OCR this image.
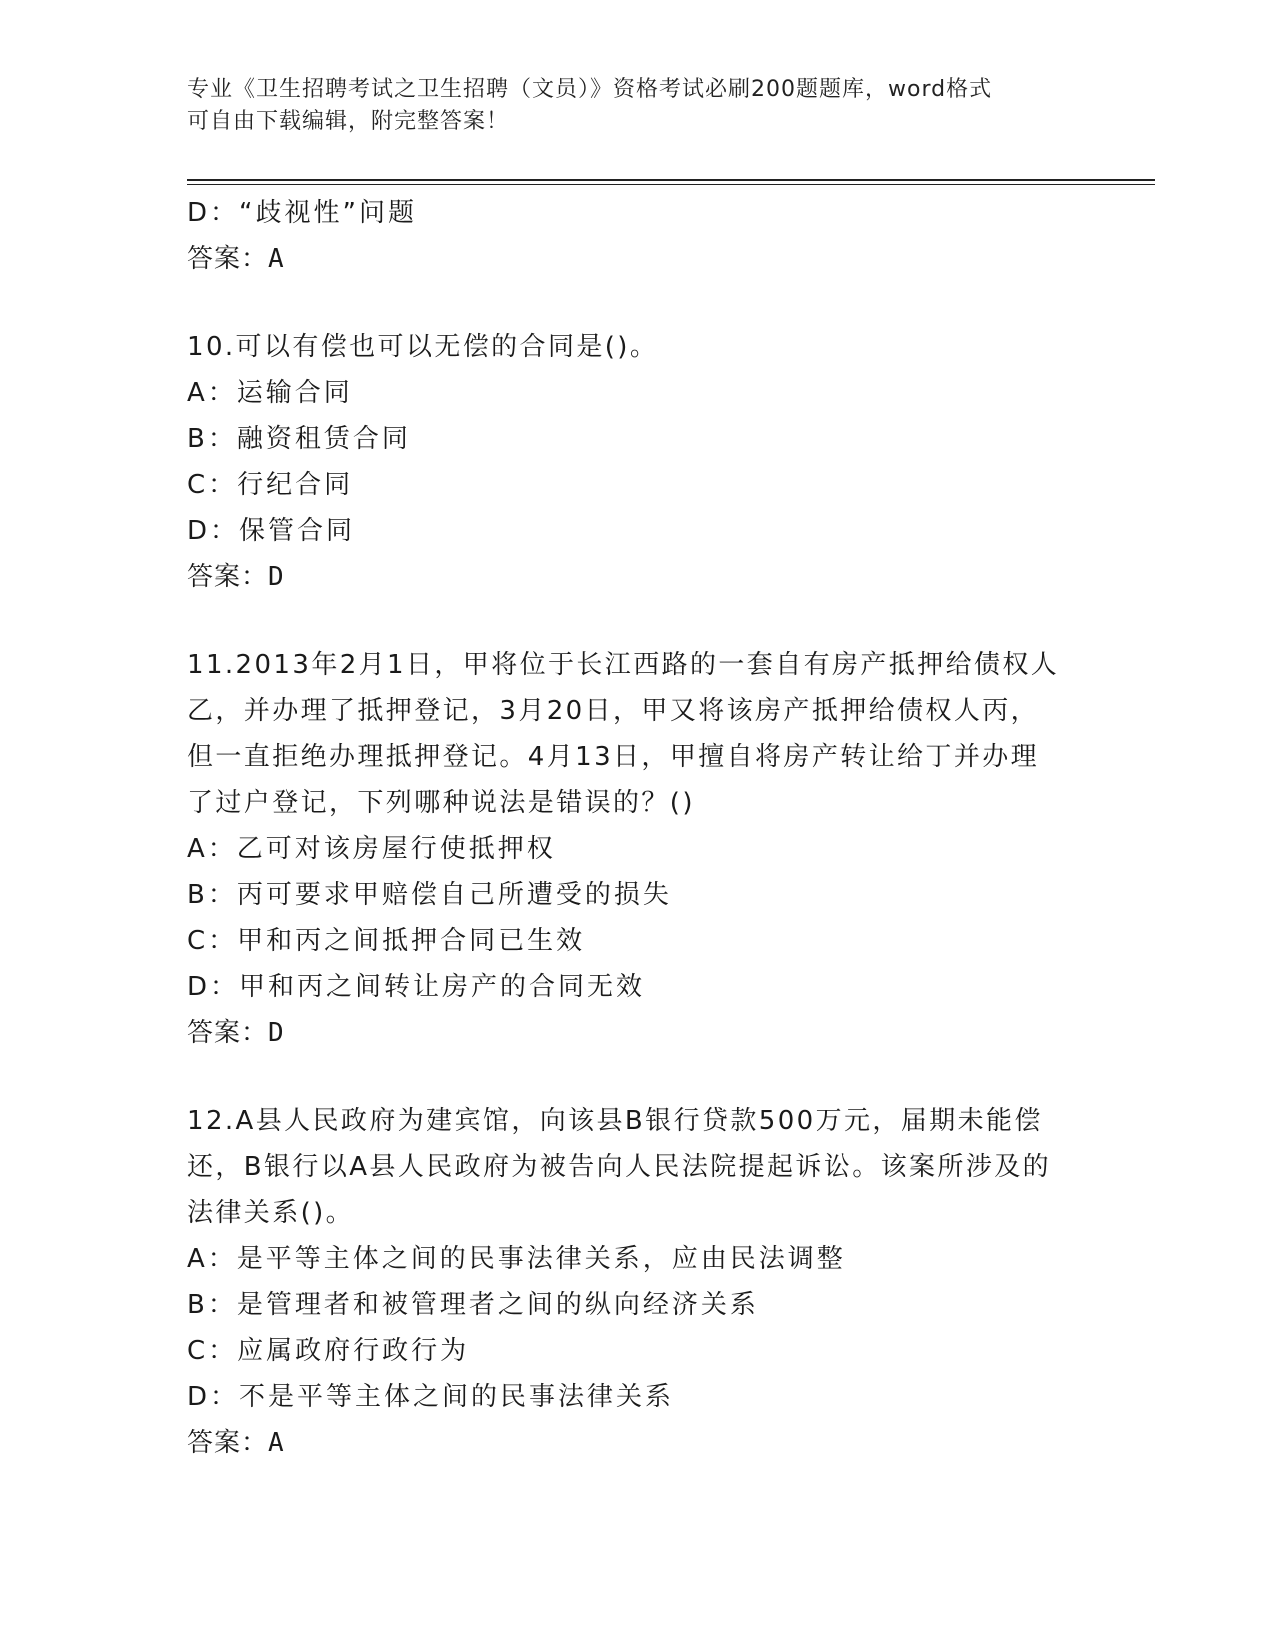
专业《卫生招聘考试之卫生招聘（文员）》资格考试必刷200题题库，word格式
可自由下载编辑，附完整答案！
D：“歧视性”问题
答案：A
10.可以有偿也可以无偿的合同是()。
A：运输合同
B：融资租赁合同
C：行纪合同
D：保管合同
答案：D
11.2013年2月1日，甲将位于长江西路的一套自有房产抵押给债权人
乙，并办理了抵押登记，3月20日，甲又将该房产抵押给债权人丙，
但一直拒绝办理抵押登记。4月13日，甲擅自将房产转让给丁并办理
了过户登记，下列哪种说法是错误的？()
A：乙可对该房屋行使抵押权
B：丙可要求甲赔偿自己所遭受的损失
C：甲和丙之间抵押合同已生效
D：甲和丙之间转让房产的合同无效
答案：D
12.A县人民政府为建宾馆，向该县B银行贷款500万元，届期未能偿
还，B银行以A县人民政府为被告向人民法院提起诉讼。该案所涉及的
法律关系()。
A：是平等主体之间的民事法律关系，应由民法调整
B：是管理者和被管理者之间的纵向经济关系
C：应属政府行政行为
D：不是平等主体之间的民事法律关系
答案：A
